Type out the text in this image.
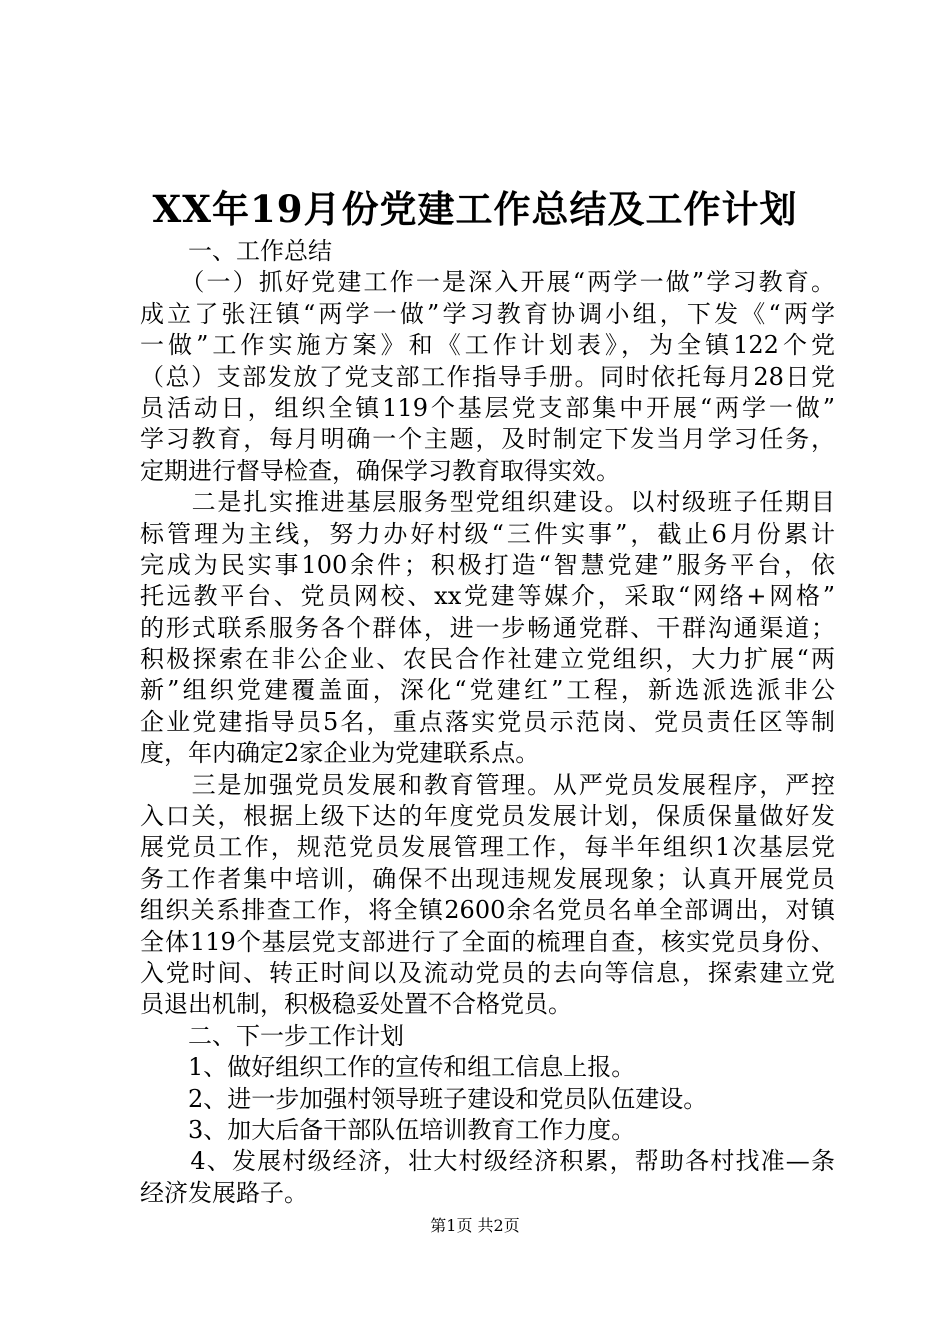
XX年19月份党建工作总结及工作计划
　　一、工作总结
　　（一）抓好党建工作一是深入开展“两学一做”学习教育。
成立了张汪镇“两学一做”学习教育协调小组，下发《“两学
一做”工作实施方案》和《工作计划表》，为全镇122个党
（总）支部发放了党支部工作指导手册。同时依托每月28日党
员活动日，组织全镇119个基层党支部集中开展“两学一做”
学习教育，每月明确一个主题，及时制定下发当月学习任务，
定期进行督导检查，确保学习教育取得实效。
　　二是扎实推进基层服务型党组织建设。以村级班子任期目
标管理为主线，努力办好村级“三件实事”，截止6月份累计
完成为民实事100余件；积极打造“智慧党建”服务平台，依
托远教平台、党员网校、xx党建等媒介，采取“网络+网格”
的形式联系服务各个群体，进一步畅通党群、干群沟通渠道；
积极探索在非公企业、农民合作社建立党组织，大力扩展“两
新”组织党建覆盖面，深化“党建红”工程，新选派选派非公
企业党建指导员5名，重点落实党员示范岗、党员责任区等制
度，年内确定2家企业为党建联系点。
　　三是加强党员发展和教育管理。从严党员发展程序，严控
入口关，根据上级下达的年度党员发展计划，保质保量做好发
展党员工作，规范党员发展管理工作，每半年组织1次基层党
务工作者集中培训，确保不出现违规发展现象；认真开展党员
组织关系排查工作，将全镇2600余名党员名单全部调出，对镇
全体119个基层党支部进行了全面的梳理自查，核实党员身份、
入党时间、转正时间以及流动党员的去向等信息，探索建立党
员退出机制，积极稳妥处置不合格党员。
　　二、下一步工作计划
　　1、做好组织工作的宣传和组工信息上报。
　　2、进一步加强村领导班子建设和党员队伍建设。
　　3、加大后备干部队伍培训教育工作力度。
　　4、发展村级经济，壮大村级经济积累，帮助各村找准—条
经济发展路子。
第1页 共2页
